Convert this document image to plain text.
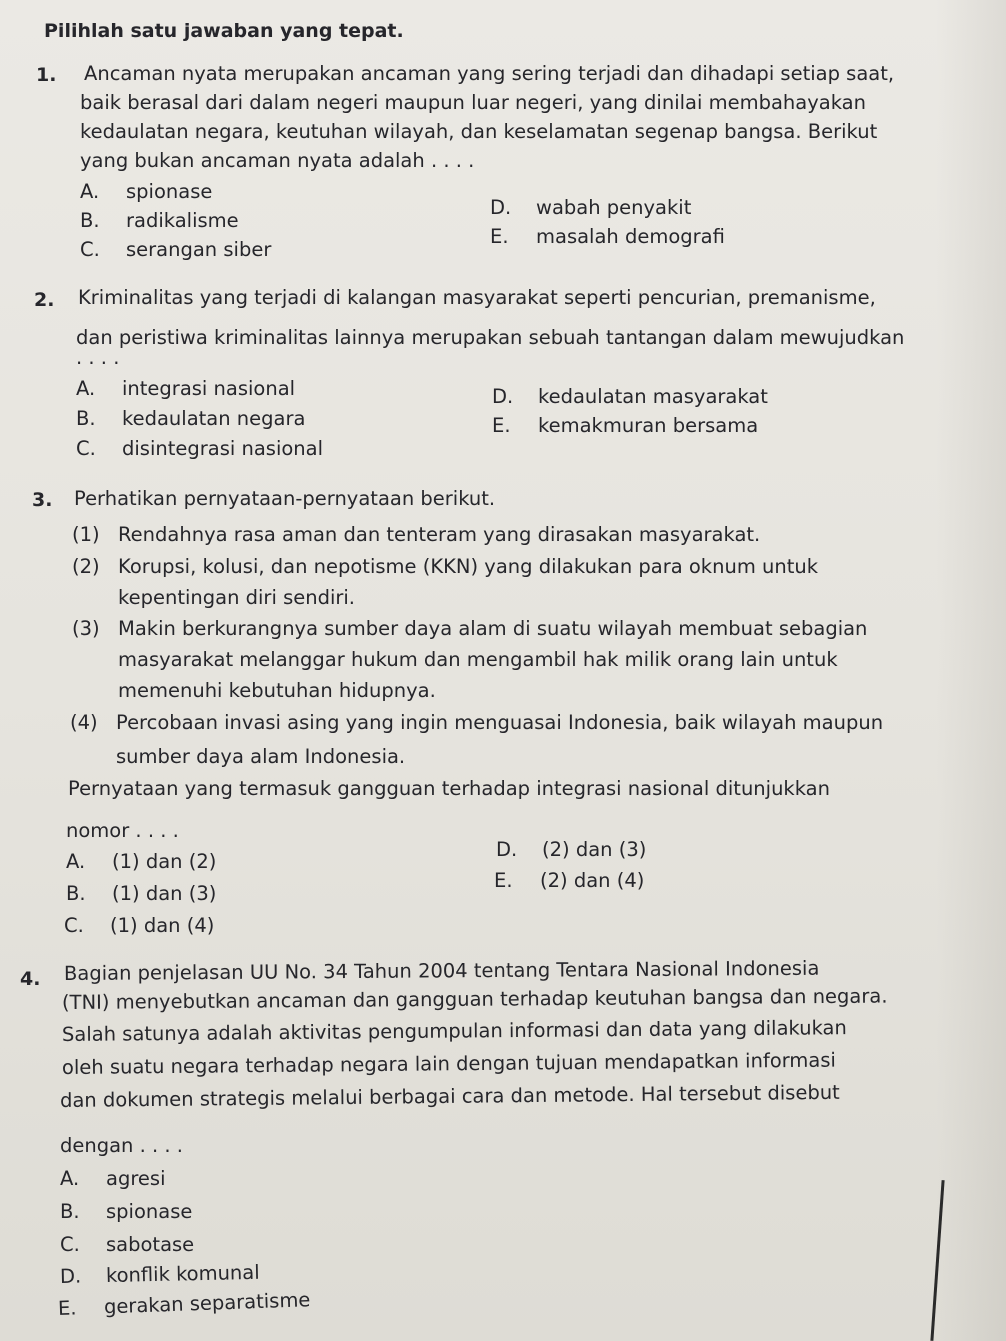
Pilihlah satu jawaban yang tepat.
1. Ancaman nyata merupakan ancaman yang sering terjadi dan dihadapi setiap saat,
baik berasal dari dalam negeri maupun luar negeri, yang dinilai membahayakan
kedaulatan negara, keutuhan wilayah, dan keselamatan segenap bangsa. Berikut
yang bukan ancaman nyata adalah . . . .
A. spionase
B. radikalisme
C. serangan siber
D. wabah penyakit
E. masalah demografi
2. Kriminalitas yang terjadi di kalangan masyarakat seperti pencurian, premanisme,
dan peristiwa kriminalitas lainnya merupakan sebuah tantangan dalam mewujudkan
. . . .
A. integrasi nasional
B. kedaulatan negara
C. disintegrasi nasional
D. kedaulatan masyarakat
E. kemakmuran bersama
3. Perhatikan pernyataan-pernyataan berikut.
(1) Rendahnya rasa aman dan tenteram yang dirasakan masyarakat.
(2) Korupsi, kolusi, dan nepotisme (KKN) yang dilakukan para oknum untuk
kepentingan diri sendiri.
(3) Makin berkurangnya sumber daya alam di suatu wilayah membuat sebagian
masyarakat melanggar hukum dan mengambil hak milik orang lain untuk
memenuhi kebutuhan hidupnya.
(4) Percobaan invasi asing yang ingin menguasai Indonesia, baik wilayah maupun
sumber daya alam Indonesia.
Pernyataan yang termasuk gangguan terhadap integrasi nasional ditunjukkan
nomor . . . .
A. (1) dan (2)
B. (1) dan (3)
C. (1) dan (4)
D. (2) dan (3)
E. (2) dan (4)
4. Bagian penjelasan UU No. 34 Tahun 2004 tentang Tentara Nasional Indonesia
(TNI) menyebutkan ancaman dan gangguan terhadap keutuhan bangsa dan negara.
Salah satunya adalah aktivitas pengumpulan informasi dan data yang dilakukan
oleh suatu negara terhadap negara lain dengan tujuan mendapatkan informasi
dan dokumen strategis melalui berbagai cara dan metode. Hal tersebut disebut
dengan . . . .
A. agresi
B. spionase
C. sabotase
D. konflik komunal
E. gerakan separatisme
